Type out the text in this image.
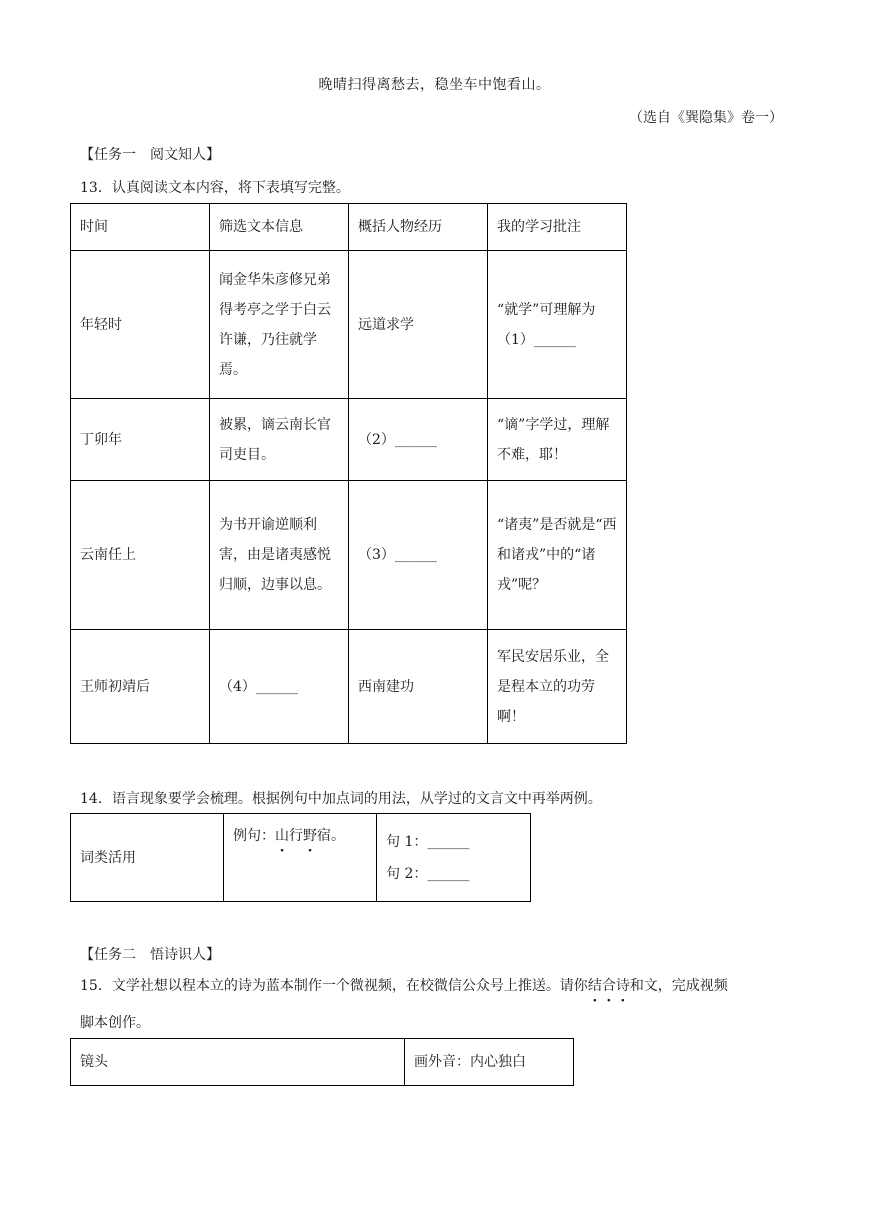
晚晴扫得离愁去，稳坐车中饱看山。
（选自《巽隐集》卷一）
【任务一　阅文知人】
13．认真阅读文本内容，将下表填写完整。
时间	筛选文本信息	概括人物经历	我的学习批注
年轻时	闻金华朱彦修兄弟得考亭之学于白云许谦，乃往就学焉。	远道求学	“就学”可理解为（1）______
丁卯年	被累，谪云南长官司吏目。	（2）______	“谪”字学过，理解不难，耶！
云南任上	为书开谕逆顺利害，由是诸夷感悦归顺，边事以息。	（3）______	“诸夷”是否就是“西和诸戎”中的“诸戎”呢？
王师初靖后	（4）______	西南建功	军民安居乐业，全是程本立的功劳啊！
14．语言现象要学会梳理。根据例句中加点词的用法，从学过的文言文中再举两例。
词类活用	例句：山行野宿。	句 1：______
句 2：______
【任务二　悟诗识人】
15．文学社想以程本立的诗为蓝本制作一个微视频，在校微信公众号上推送。请你结合诗和文，完成视频
脚本创作。
镜头	画外音：内心独白
